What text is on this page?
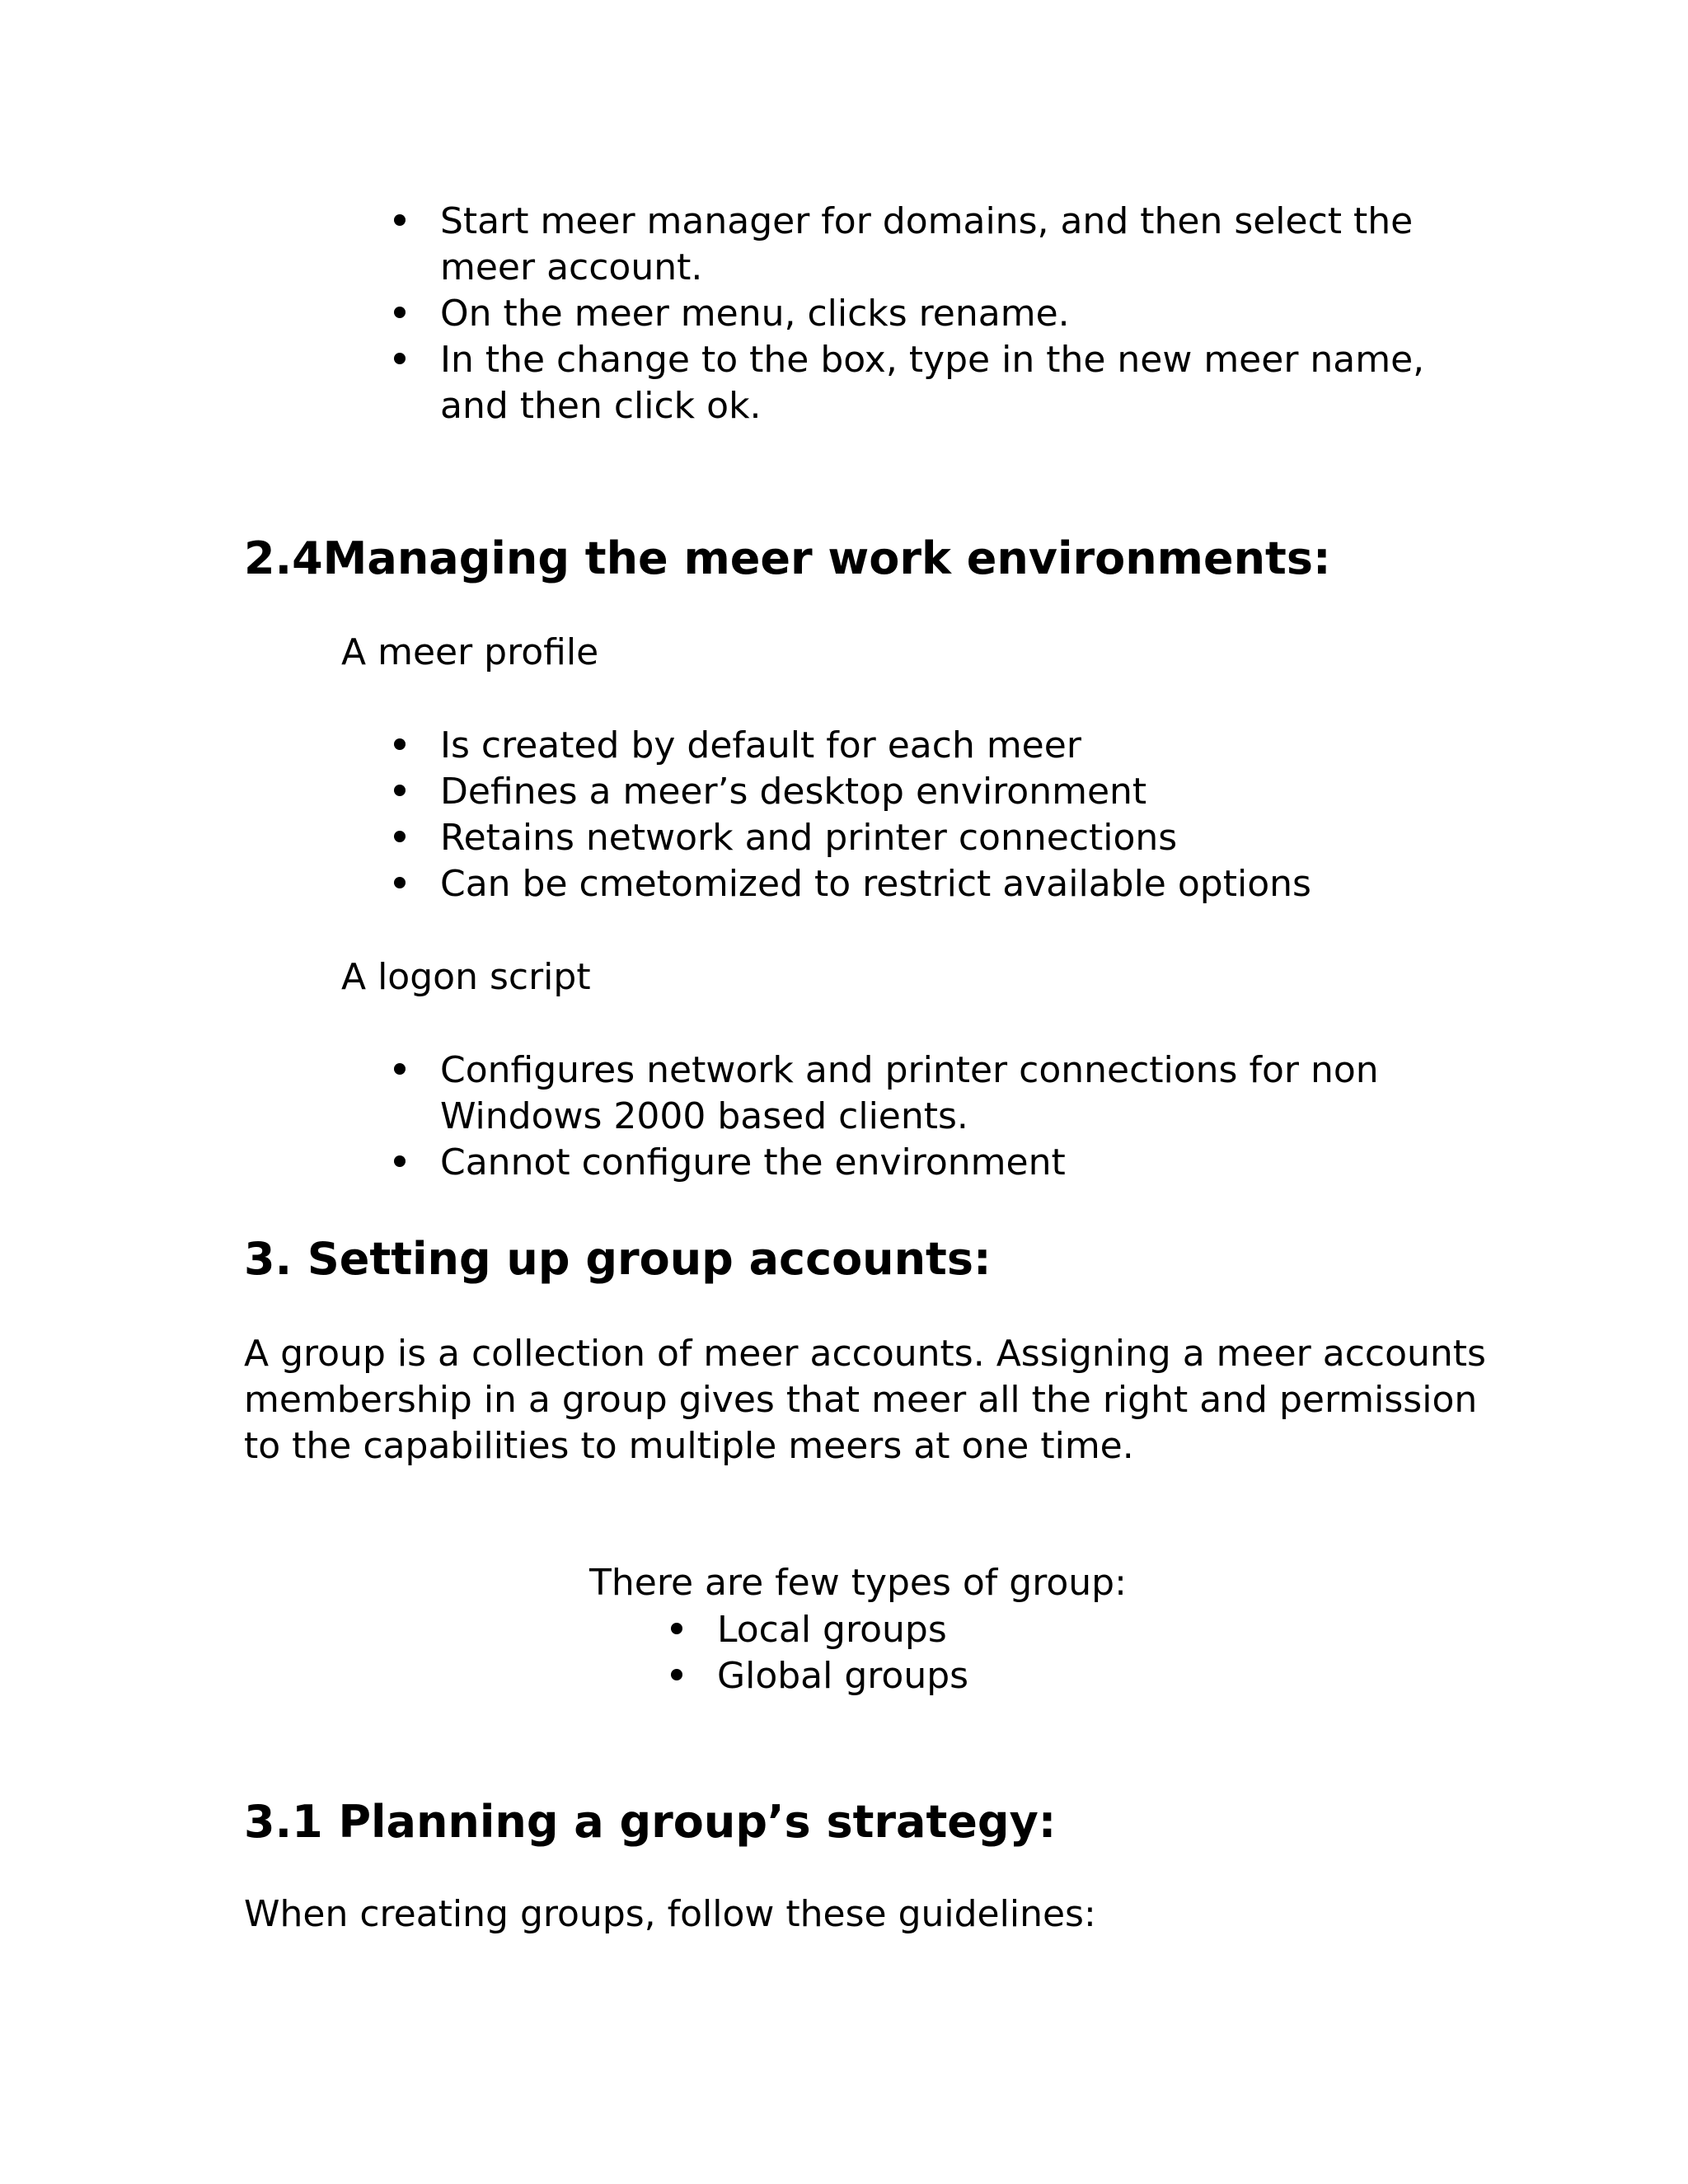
Start meer manager for domains, and then select the meer account.
On the meer menu, clicks rename.
In the change to the box, type in the new meer name, and then click ok.
2.4Managing the meer work environments:

A meer profile

Is created by default for each meer
Defines a meer’s desktop environment
Retains network and printer connections
Can be cmetomized to restrict available options

A logon script

Configures network and printer connections for non Windows 2000 based clients.
Cannot configure the environment
3. Setting up group accounts:

A group is a collection of meer accounts. Assigning a meer accounts membership in a group gives that meer all the right and permission to the capabilities to multiple meers at one time.

There are few types of group:

Local groups
Global groups
3.1 Planning a group’s strategy:

When creating groups, follow these guidelines:
